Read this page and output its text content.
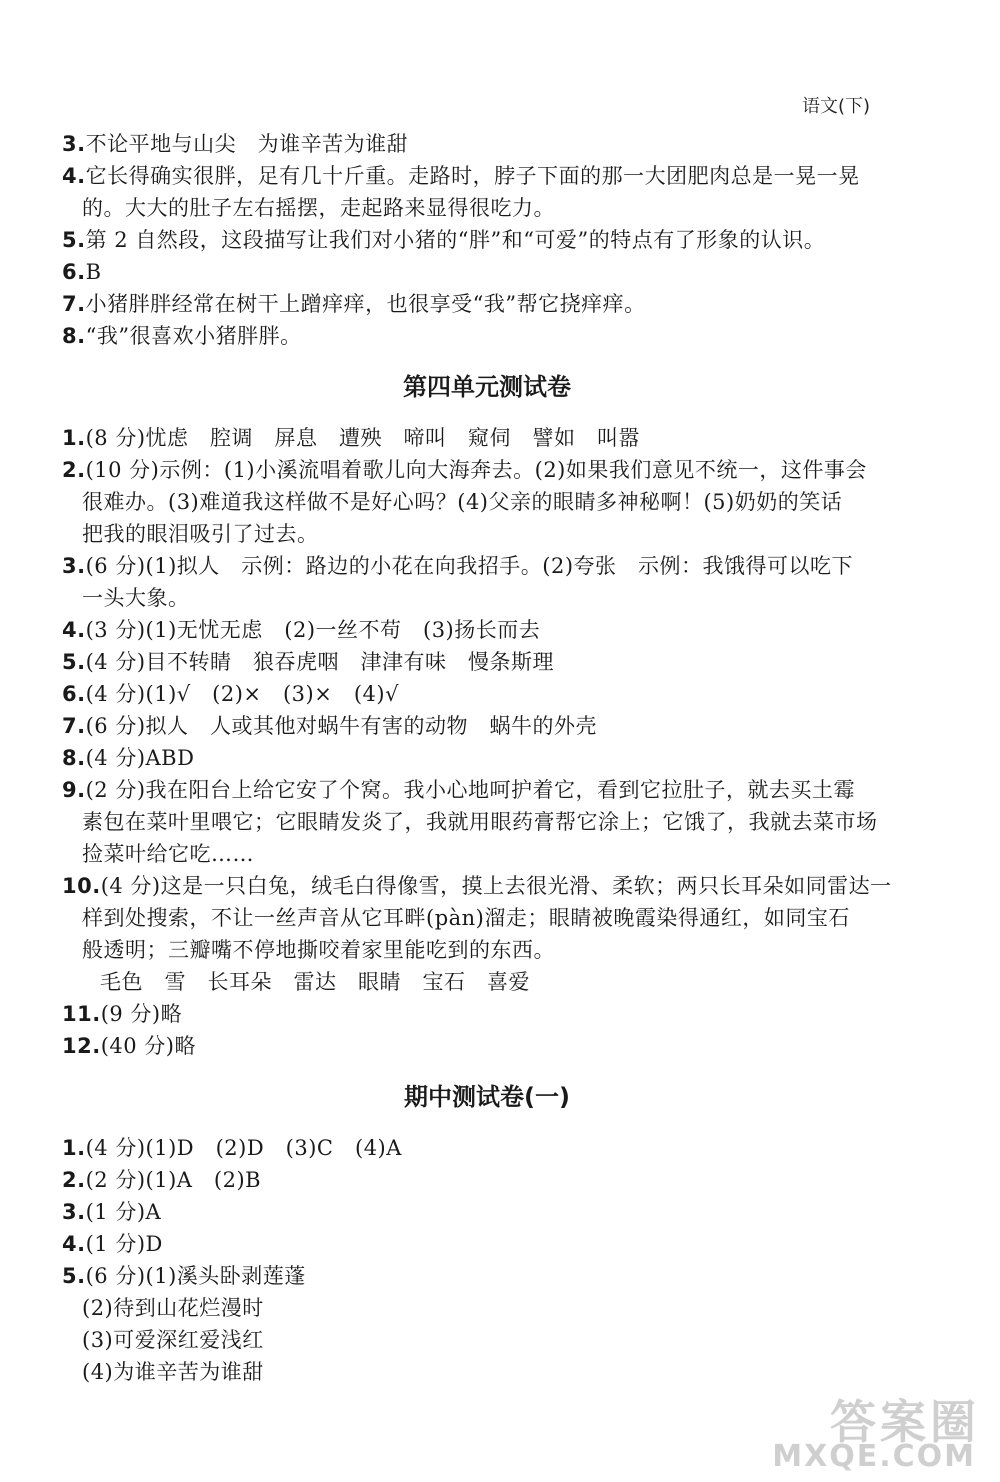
语文(下)
3.不论平地与山尖　为谁辛苦为谁甜
4.它长得确实很胖，足有几十斤重。走路时，脖子下面的那一大团肥肉总是一晃一晃
的。大大的肚子左右摇摆，走起路来显得很吃力。
5.第 2 自然段，这段描写让我们对小猪的“胖”和“可爱”的特点有了形象的认识。
6.B
7.小猪胖胖经常在树干上蹭痒痒，也很享受“我”帮它挠痒痒。
8.“我”很喜欢小猪胖胖。
第四单元测试卷
1.(8 分)忧虑　腔调　屏息　遭殃　啼叫　窥伺　譬如　叫嚣
2.(10 分)示例：(1)小溪流唱着歌儿向大海奔去。(2)如果我们意见不统一，这件事会
很难办。(3)难道我这样做不是好心吗？(4)父亲的眼睛多神秘啊！(5)奶奶的笑话
把我的眼泪吸引了过去。
3.(6 分)(1)拟人　示例：路边的小花在向我招手。(2)夸张　示例：我饿得可以吃下
一头大象。
4.(3 分)(1)无忧无虑　(2)一丝不苟　(3)扬长而去
5.(4 分)目不转睛　狼吞虎咽　津津有味　慢条斯理
6.(4 分)(1)√　(2)×　(3)×　(4)√
7.(6 分)拟人　人或其他对蜗牛有害的动物　蜗牛的外壳
8.(4 分)ABD
9.(2 分)我在阳台上给它安了个窝。我小心地呵护着它，看到它拉肚子，就去买土霉
素包在菜叶里喂它；它眼睛发炎了，我就用眼药膏帮它涂上；它饿了，我就去菜市场
捡菜叶给它吃……
10.(4 分)这是一只白兔，绒毛白得像雪，摸上去很光滑、柔软；两只长耳朵如同雷达一
样到处搜索，不让一丝声音从它耳畔(pàn)溜走；眼睛被晚霞染得通红，如同宝石
般透明；三瓣嘴不停地撕咬着家里能吃到的东西。
毛色　雪　长耳朵　雷达　眼睛　宝石　喜爱
11.(9 分)略
12.(40 分)略
期中测试卷(一)
1.(4 分)(1)D　(2)D　(3)C　(4)A
2.(2 分)(1)A　(2)B
3.(1 分)A
4.(1 分)D
5.(6 分)(1)溪头卧剥莲蓬
(2)待到山花烂漫时
(3)可爱深红爱浅红
(4)为谁辛苦为谁甜
答案圈
MXQE.COM
